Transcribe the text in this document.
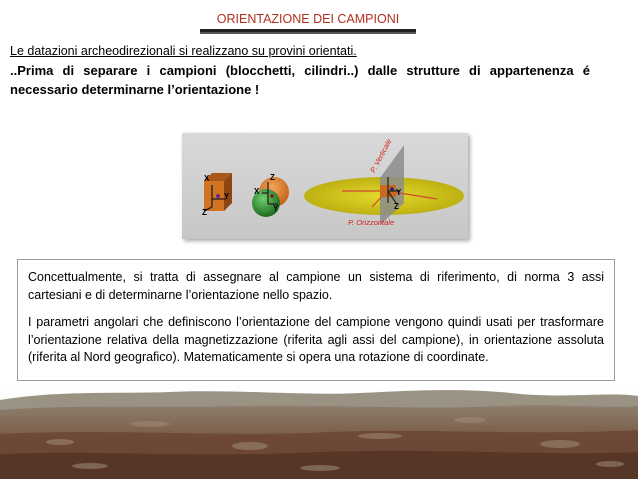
ORIENTAZIONE DEI CAMPIONI
Le datazioni archeodirezionali si realizzano su provini orientati.
..Prima di separare i campioni (blocchetti, cilindri..) dalle strutture di appartenenza é necessario determinarne l’orientazione !
X
Y
Z
Z
X
Y
Y
Z
P. Verticale
P. Orizzontale

Concettualmente, si tratta di assegnare al campione un sistema di riferimento, di norma 3 assi cartesiani e di determinarne l’orientazione nello spazio.

I parametri angolari che definiscono l’orientazione del campione vengono quindi usati per trasformare l’orientazione relativa della magnetizzazione (riferita agli assi del campione), in orientazione assoluta (riferita al Nord geografico). Matematicamente si opera una rotazione di coordinate.
